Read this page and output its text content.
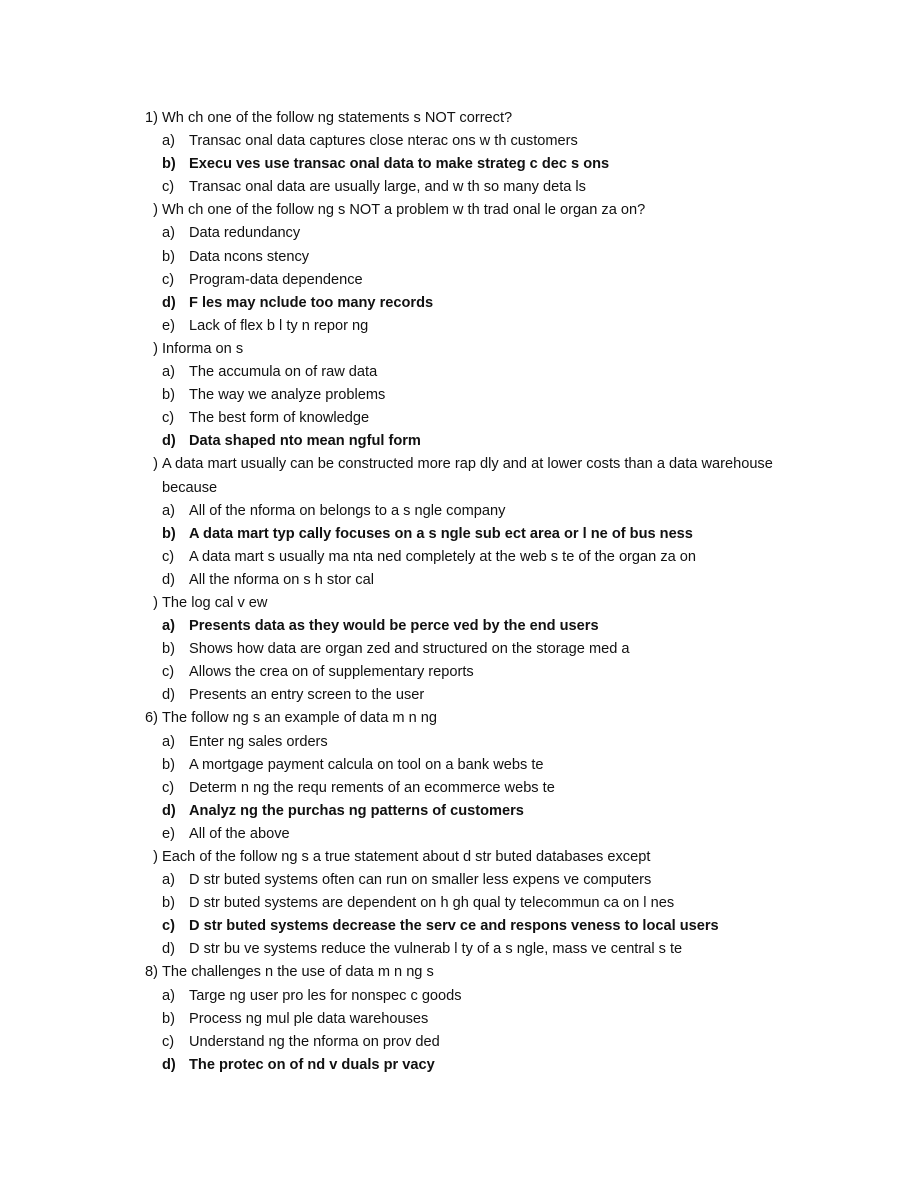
1) Wh ch one of the follow ng statements s NOT correct?
a) Transac onal data captures close nterac ons w th customers
b) Execu ves use transac onal data to make strateg c dec s ons
c)	Transac onal data are usually large, and w th so many deta ls
) Wh ch one of the follow ng s NOT a problem w th trad onal le organ za on?
a) Data redundancy
b) Data ncons stency
c)	Program-data dependence
d) F les may nclude too many records
e) Lack of flex b l ty n repor ng
) Informa on s
a) The accumula on of raw data
b) The way we analyze problems
c)	The best form of knowledge
d) Data shaped nto mean ngful form
) A data mart usually can be constructed more rap dly and at lower costs than a data warehouse because
a) All of the nforma on belongs to a s ngle company
b) A data mart typ cally focuses on a s ngle sub ect area or l ne of bus ness
c)	A data mart s usually ma nta ned completely at the web s te of the organ za on
d) All the nforma on s h stor cal
) The log cal v ew
a) Presents data as they would be perce ved by the end users
b) Shows how data are organ zed and structured on the storage med a
c)	Allows the crea on of supplementary reports
d) Presents an entry screen to the user
6) The follow ng s an example of data m n ng
a) Enter ng sales orders
b) A mortgage payment calcula on tool on a bank webs te
c)	Determ n ng the requ rements of an ecommerce webs te
d) Analyz ng the purchas ng patterns of customers
e) All of the above
) Each of the follow ng s a true statement about d str buted databases except
a) D str buted systems often can run on smaller less expens ve computers
b) D str buted systems are dependent on h gh qual ty telecommun ca on l nes
c) D str buted systems decrease the serv ce and respons veness to local users
d) D str bu ve systems reduce the vulnerab l ty of a s ngle, mass ve central s te
8) The challenges n the use of data m n ng s
a) Targe ng user pro les for nonspec c goods
b) Process ng mul ple data warehouses
c)	Understand ng the nforma on prov ded
d) The protec on of nd v duals pr vacy
